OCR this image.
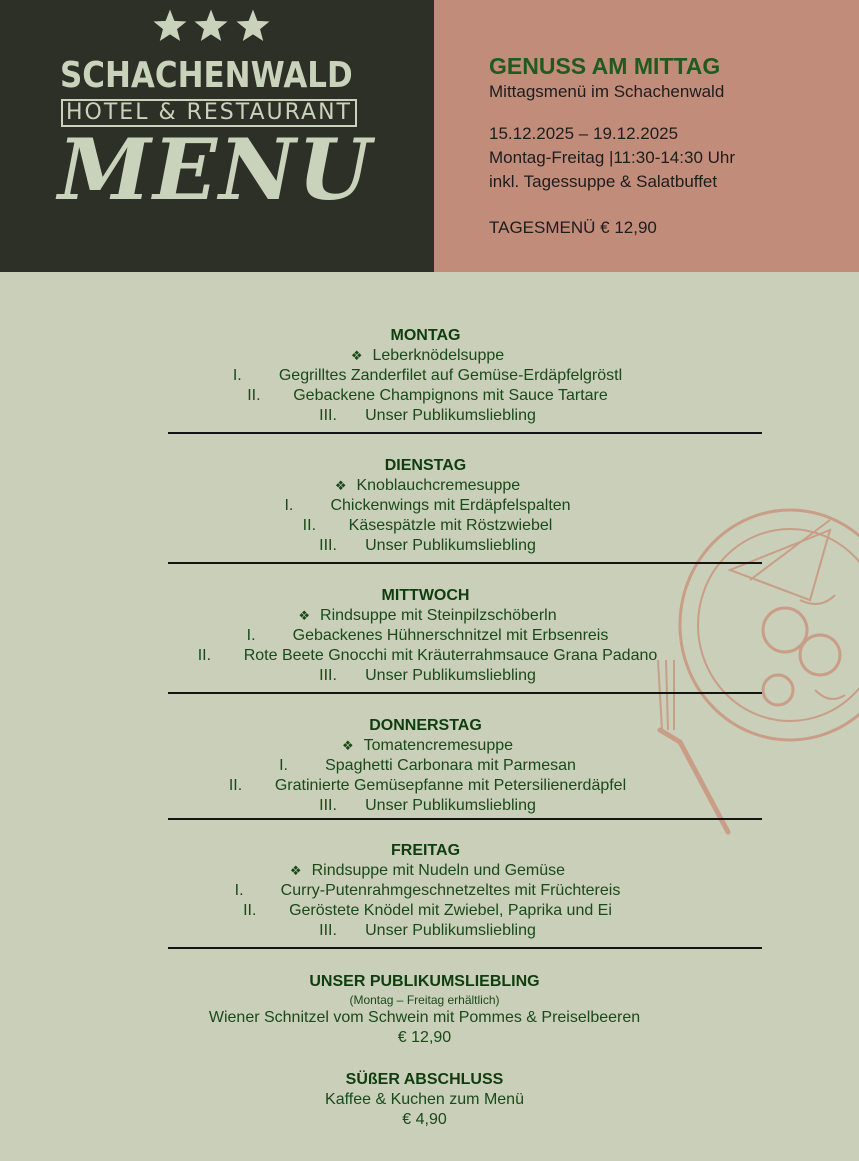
SCHACHENWALD
HOTEL & RESTAURANT
MENU
GENUSS AM MITTAG
Mittagsmenü im Schachenwald
15.12.2025 – 19.12.2025
Montag-Freitag |11:30-14:30 Uhr
inkl. Tagessuppe & Salatbuffet
TAGESMENÜ € 12,90
MONTAG
❖ Leberknödelsuppe
I. Gegrilltes Zanderfilet auf Gemüse-Erdäpfelgröstl
II. Gebackene Champignons mit Sauce Tartare
III. Unser Publikumsliebling
DIENSTAG
❖ Knoblauchcremesuppe
I. Chickenwings mit Erdäpfelspalten
II. Käsespätzle mit Röstzwiebel
III. Unser Publikumsliebling
MITTWOCH
❖ Rindsuppe mit Steinpilzschöberln
I. Gebackenes Hühnerschnitzel mit Erbsenreis
II. Rote Beete Gnocchi mit Kräuterrahmsauce Grana Padano
III. Unser Publikumsliebling
DONNERSTAG
❖ Tomatencremesuppe
I. Spaghetti Carbonara mit Parmesan
II. Gratinierte Gemüsepfanne mit Petersilienerdäpfel
III. Unser Publikumsliebling
FREITAG
❖ Rindsuppe mit Nudeln und Gemüse
I. Curry-Putenrahmgeschnetzeltes mit Früchtereis
II. Geröstete Knödel mit Zwiebel, Paprika und Ei
III. Unser Publikumsliebling
UNSER PUBLIKUMSLIEBLING
(Montag – Freitag erhältlich)
Wiener Schnitzel vom Schwein mit Pommes & Preiselbeeren
€ 12,90
SÜßER ABSCHLUSS
Kaffee & Kuchen zum Menü
€ 4,90
